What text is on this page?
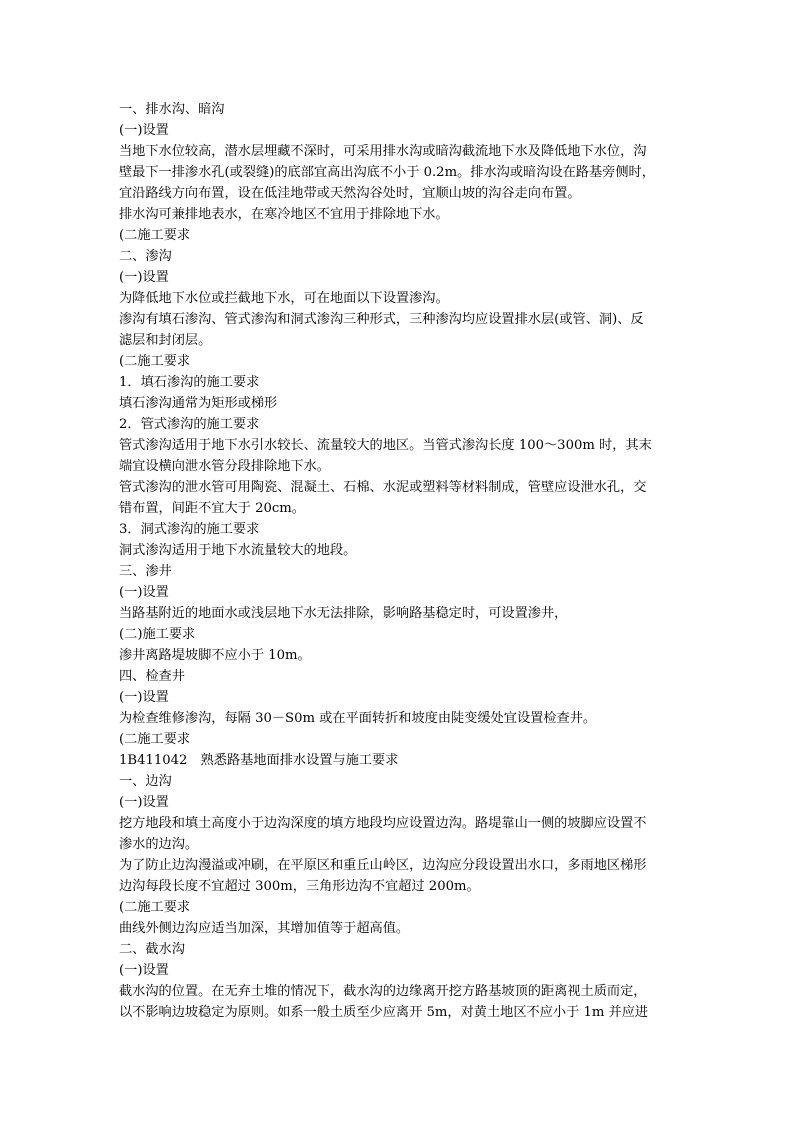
一、排水沟、暗沟
(一)设置
当地下水位较高，潜水层埋藏不深时，可采用排水沟或暗沟截流地下水及降低地下水位，沟
壁最下一排渗水孔(或裂缝)的底部宜高出沟底不小于 0.2m。排水沟或暗沟设在路基旁侧时，
宜沿路线方向布置，设在低洼地带或天然沟谷处时，宜顺山坡的沟谷走向布置。
排水沟可兼排地表水，在寒冷地区不宜用于排除地下水。
(二施工要求
二、渗沟
(一)设置
为降低地下水位或拦截地下水，可在地面以下设置渗沟。
渗沟有填石渗沟、管式渗沟和洞式渗沟三种形式，三种渗沟均应设置排水层(或管、洞)、反
滤层和封闭层。
(二施工要求
1．填石渗沟的施工要求
填石渗沟通常为矩形或梯形
2．管式渗沟的施工要求
管式渗沟适用于地下水引水较长、流量较大的地区。当管式渗沟长度 100～300m 时，其末
端宜设横向泄水管分段排除地下水。
管式渗沟的泄水管可用陶瓷、混凝土、石棉、水泥或塑料等材料制成，管壁应设泄水孔，交
错布置，间距不宜大于 20cm。
3．洞式渗沟的施工要求
洞式渗沟适用于地下水流量较大的地段。
三、渗井
(一)设置
当路基附近的地面水或浅层地下水无法排除，影响路基稳定时，可设置渗井，
(二)施工要求
渗井离路堤坡脚不应小于 10m。
四、检查井
(一)设置
为检查维修渗沟，每隔 30－S0m 或在平面转折和坡度由陡变缓处宜设置检查井。
(二施工要求
1B411042　熟悉路基地面排水设置与施工要求
一、边沟
(一)设置
挖方地段和填土高度小于边沟深度的填方地段均应设置边沟。路堤靠山一侧的坡脚应设置不
渗水的边沟。
为了防止边沟漫溢或冲刷，在平原区和重丘山岭区，边沟应分段设置出水口，多雨地区梯形
边沟每段长度不宜超过 300m，三角形边沟不宜超过 200m。
(二施工要求
曲线外侧边沟应适当加深，其增加值等于超高值。
二、截水沟
(一)设置
截水沟的位置。在无弃土堆的情况下，截水沟的边缘离开挖方路基坡顶的距离视土质而定，
以不影响边坡稳定为原则。如系一般土质至少应离开 5m，对黄土地区不应小于 1m 并应进
